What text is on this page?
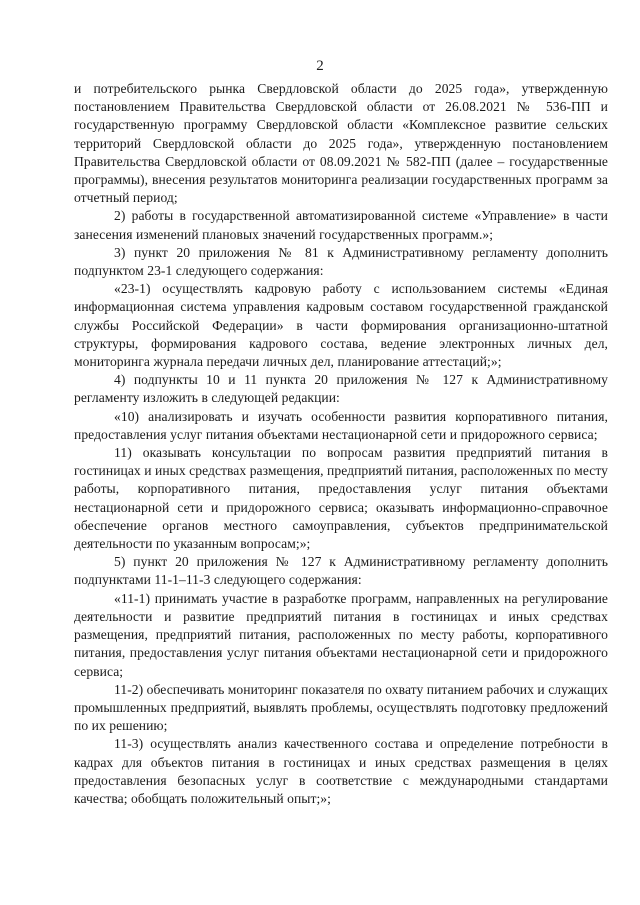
2

и потребительского рынка Свердловской области до 2025 года», утвержденную постановлением Правительства Свердловской области от 26.08.2021 № 536-ПП и государственную программу Свердловской области «Комплексное развитие сельских территорий Свердловской области до 2025 года», утвержденную постановлением Правительства Свердловской области от 08.09.2021 № 582-ПП (далее – государственные программы), внесения результатов мониторинга реализации государственных программ за отчетный период;

2) работы в государственной автоматизированной системе «Управление» в части занесения изменений плановых значений государственных программ.»;

3) пункт 20 приложения № 81 к Административному регламенту дополнить подпунктом 23-1 следующего содержания:

«23-1) осуществлять кадровую работу с использованием системы «Единая информационная система управления кадровым составом государственной гражданской службы Российской Федерации» в части формирования организационно-штатной структуры, формирования кадрового состава, ведение электронных личных дел, мониторинга журнала передачи личных дел, планирование аттестаций;»;

4) подпункты 10 и 11 пункта 20 приложения № 127 к Административному регламенту изложить в следующей редакции:

«10) анализировать и изучать особенности развития корпоративного питания, предоставления услуг питания объектами нестационарной сети и придорожного сервиса;

11) оказывать консультации по вопросам развития предприятий питания в гостиницах и иных средствах размещения, предприятий питания, расположенных по месту работы, корпоративного питания, предоставления услуг питания объектами нестационарной сети и придорожного сервиса; оказывать информационно-справочное обеспечение органов местного самоуправления, субъектов предпринимательской деятельности по указанным вопросам;»;

5) пункт 20 приложения № 127 к Административному регламенту дополнить подпунктами 11-1–11-3 следующего содержания:

«11-1) принимать участие в разработке программ, направленных на регулирование деятельности и развитие предприятий питания в гостиницах и иных средствах размещения, предприятий питания, расположенных по месту работы, корпоративного питания, предоставления услуг питания объектами нестационарной сети и придорожного сервиса;

11-2) обеспечивать мониторинг показателя по охвату питанием рабочих и служащих промышленных предприятий, выявлять проблемы, осуществлять подготовку предложений по их решению;

11-3) осуществлять анализ качественного состава и определение потребности в кадрах для объектов питания в гостиницах и иных средствах размещения в целях предоставления безопасных услуг в соответствие с международными стандартами качества; обобщать положительный опыт;»;
